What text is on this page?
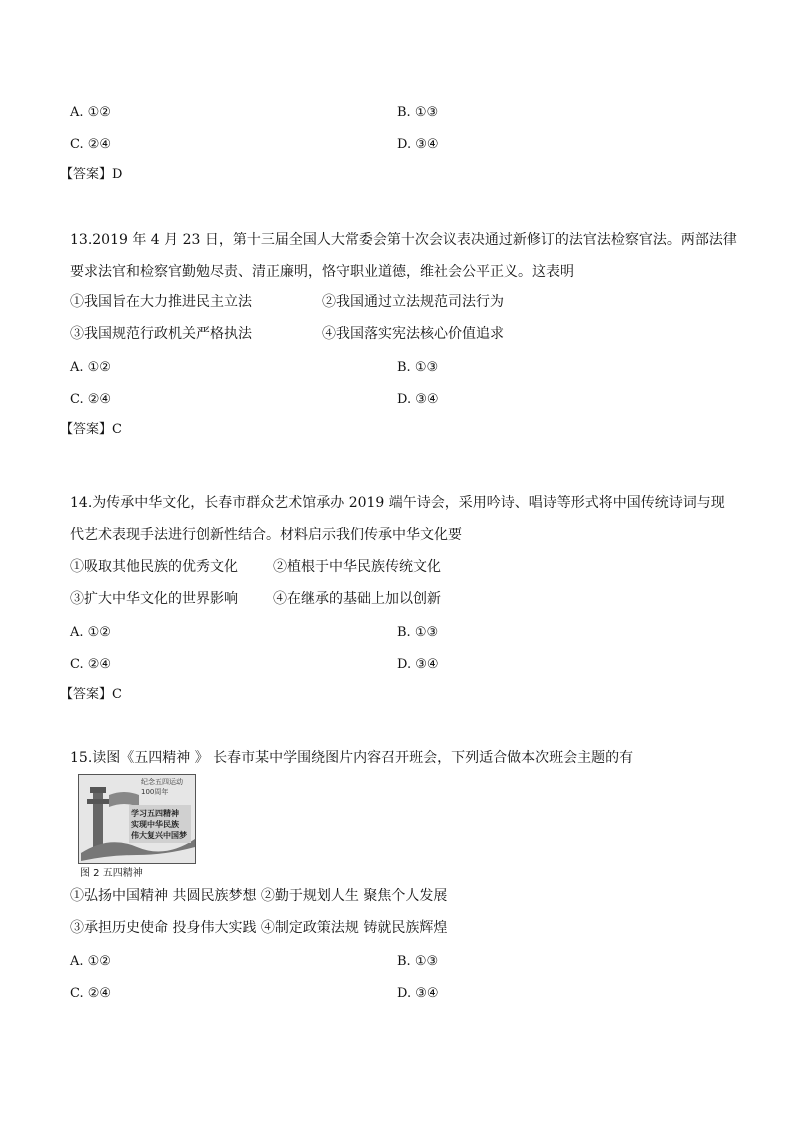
A. ①②	B. ①③
C. ②④	D. ③④
【答案】D
13.2019 年 4 月 23 日，第十三届全国人大常委会第十次会议表决通过新修订的法官法检察官法。两部法律
要求法官和检察官勤勉尽责、清正廉明，恪守职业道德，维社会公平正义。这表明
①我国旨在大力推进民主立法	②我国通过立法规范司法行为
③我国规范行政机关严格执法	④我国落实宪法核心价值追求
A. ①②	B. ①③
C. ②④	D. ③④
【答案】C
14.为传承中华文化，长春市群众艺术馆承办 2019 端午诗会，采用吟诗、唱诗等形式将中国传统诗词与现
代艺术表现手法进行创新性结合。材料启示我们传承中华文化要
①吸取其他民族的优秀文化	②植根于中华民族传统文化
③扩大中华文化的世界影响	④在继承的基础上加以创新
A. ①②	B. ①③
C. ②④	D. ③④
【答案】C
15.读图《五四精神 》 长春市某中学围绕图片内容召开班会，下列适合做本次班会主题的有
纪念五四运动100周年
学习五四精神
实现中华民族
伟大复兴中国梦
图 2 五四精神
①弘扬中国精神 共圆民族梦想 ②勤于规划人生 聚焦个人发展
③承担历史使命 投身伟大实践 ④制定政策法规 铸就民族辉煌
A. ①②	B. ①③
C. ②④	D. ③④
